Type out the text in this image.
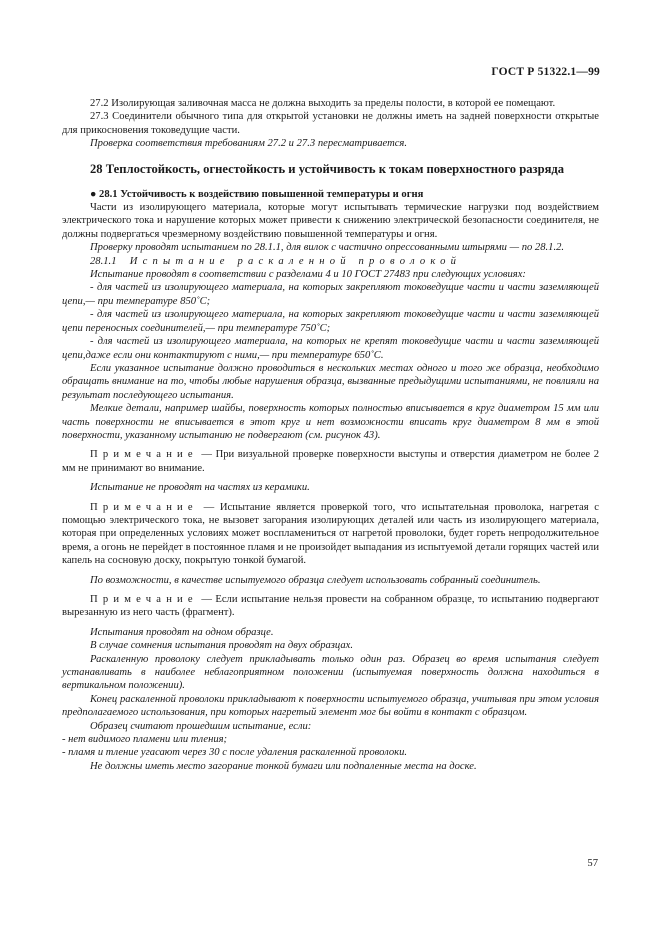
ГОСТ Р 51322.1—99

27.2 Изолирующая заливочная масса не должна выходить за пределы полости, в которой ее помещают.

27.3 Соединители обычного типа для открытой установки не должны иметь на задней поверхности открытые для прикосновения токоведущие части.

Проверка соответствия требованиям 27.2 и 27.3 пересматривается.

28 Теплостойкость, огнестойкость и устойчивость к токам поверхностного разряда

● 28.1 Устойчивость к воздействию повышенной температуры и огня

Части из изолирующего материала, которые могут испытывать термические нагрузки под воздействием электрического тока и нарушение которых может привести к снижению электрической безопасности соединителя, не должны подвергаться чрезмерному воздействию повышенной температуры и огня.

Проверку проводят испытанием по 28.1.1, для вилок с частично опрессованными штырями — по 28.1.2.

28.1.1 Испытание раскаленной проволокой

Испытание проводят в соответствии с разделами 4 и 10 ГОСТ 27483 при следующих условиях:

- для частей из изолирующего материала, на которых закрепляют токоведущие части и части заземляющей цепи,— при температуре 850˚С;

- для частей из изолирующего материала, на которых закрепляют токоведущие части и части заземляющей цепи переносных соединителей,— при температуре 750˚С;

- для частей из изолирующего материала, на которых не крепят токоведущие части и части заземляющей цепи,даже если они контактируют с ними,— при температуре 650˚С.

Если указанное испытание должно проводиться в нескольких местах одного и того же образца, необходимо обращать внимание на то, чтобы любые нарушения образца, вызванные предыдущими испытаниями, не повлияли на результат последующего испытания.

Мелкие детали, например шайбы, поверхность которых полностью вписывается в круг диаметром 15 мм или часть поверхности не вписывается в этот круг и нет возможности вписать круг диаметром 8 мм в этой поверхности, указанному испытанию не подвергают (см. рисунок 43).

Примечание — При визуальной проверке поверхности выступы и отверстия диаметром не более 2 мм не принимают во внимание.

Испытание не проводят на частях из керамики.

Примечание — Испытание является проверкой того, что испытательная проволока, нагретая с помощью электрического тока, не вызовет загорания изолирующих деталей или часть из изолирующего материала, которая при определенных условиях может воспламениться от нагретой проволоки, будет гореть непродолжительное время, а огонь не перейдет в постоянное пламя и не произойдет выпадания из испытуемой детали горящих частей или капель на сосновую доску, покрытую тонкой бумагой.

По возможности, в качестве испытуемого образца следует использовать собранный соединитель.

Примечание — Если испытание нельзя провести на собранном образце, то испытанию подвергают вырезанную из него часть (фрагмент).

Испытания проводят на одном образце.

В случае сомнения испытания проводят на двух образцах.

Раскаленную проволоку следует прикладывать только один раз. Образец во время испытания следует устанавливать в наиболее неблагоприятном положении (испытуемая поверхность должна находиться в вертикальном положении).

Конец раскаленной проволоки прикладывают к поверхности испытуемого образца, учитывая при этом условия предполагаемого использования, при которых нагретый элемент мог бы войти в контакт с образцом.

Образец считают прошедшим испытание, если:

- нет видимого пламени или тления;

- пламя и тление угасают через 30 с после удаления раскаленной проволоки.

Не должны иметь место загорание тонкой бумаги или подпаленные места на доске.

57
